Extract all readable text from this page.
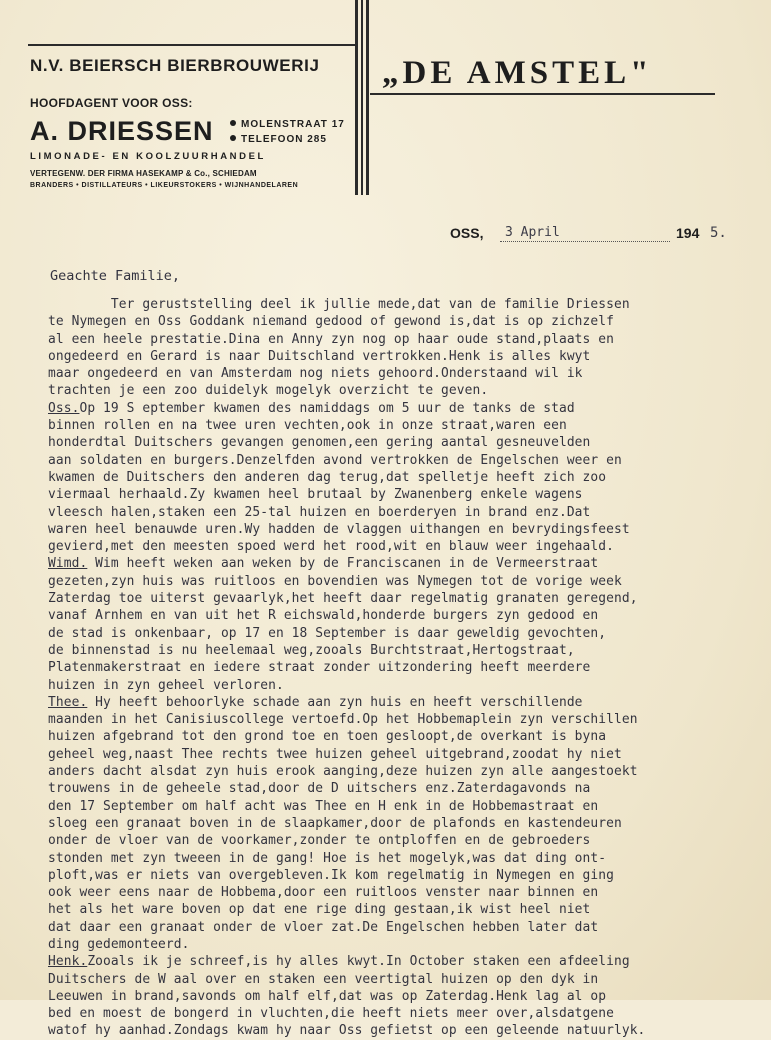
N.V. BEIERSCH BIERBROUWERIJ „DE AMSTEL"
HOOFDAGENT VOOR OSS:
A. DRIESSEN	MOLENSTRAAT 17
TELEFOON 285
LIMONADE- EN KOOLZUURHANDEL
VERTEGENW. DER FIRMA HASEKAMP & Co., SCHIEDAM
BRANDERS • DISTILLATEURS • LIKEURSTOKERS • WIJNHANDELAREN
OSS, 3 April	194 5.
Geachte Familie,
Ter geruststelling deel ik jullie mede,dat van de familie Driessen
te Nymegen en Oss Goddank niemand gedood of gewond is,dat is op zichzelf
al een heele prestatie.Dina en Anny zyn nog op haar oude stand,plaats en
ongedeerd en Gerard is naar Duitschland vertrokken.Henk is alles kwyt
maar ongedeerd en van Amsterdam nog niets gehoord.Onderstaand wil ik
trachten je een zoo duidelyk mogelyk overzicht te geven.
Oss.Op 19 S eptember kwamen des namiddags om 5 uur de tanks de stad
binnen rollen en na twee uren vechten,ook in onze straat,waren een
honderdtal Duitschers gevangen genomen,een gering aantal gesneuvelden
aan soldaten en burgers.Denzelfden avond vertrokken de Engelschen weer en
kwamen de Duitschers den anderen dag terug,dat spelletje heeft zich zoo
viermaal herhaald.Zy kwamen heel brutaal by Zwanenberg enkele wagens
vleesch halen,staken een 25-tal huizen en boerderyen in brand enz.Dat
waren heel benauwde uren.Wy hadden de vlaggen uithangen en bevrydingsfeest
gevierd,met den meesten spoed werd het rood,wit en blauw weer ingehaald.
Wimd. Wim heeft weken aan weken by de Franciscanen in de Vermeerstraat
gezeten,zyn huis was ruitloos en bovendien was Nymegen tot de vorige week
Zaterdag toe uiterst gevaarlyk,het heeft daar regelmatig granaten geregend,
vanaf Arnhem en van uit het R eichswald,honderde burgers zyn gedood en
de stad is onkenbaar, op 17 en 18 September is daar geweldig gevochten,
de binnenstad is nu heelemaal weg,zooals Burchtstraat,Hertogstraat,
Platenmakerstraat en iedere straat zonder uitzondering heeft meerdere
huizen in zyn geheel verloren.
Thee. Hy heeft behoorlyke schade aan zyn huis en heeft verschillende
maanden in het Canisiuscollege vertoefd.Op het Hobbemaplein zyn verschillen
huizen afgebrand tot den grond toe en toen gesloopt,de overkant is byna
geheel weg,naast Thee rechts twee huizen geheel uitgebrand,zoodat hy niet
anders dacht alsdat zyn huis erook aanging,deze huizen zyn alle aangestoekt
trouwens in de geheele stad,door de D uitschers enz.Zaterdagavonds na
den 17 September om half acht was Thee en H enk in de Hobbemastraat en
sloeg een granaat boven in de slaapkamer,door de plafonds en kastendeuren
onder de vloer van de voorkamer,zonder te ontploffen en de gebroeders
stonden met zyn tweeen in de gang! Hoe is het mogelyk,was dat ding ont-
ploft,was er niets van overgebleven.Ik kom regelmatig in Nymegen en ging
ook weer eens naar de Hobbema,door een ruitloos venster naar binnen en
het als het ware boven op dat ene rige ding gestaan,ik wist heel niet
dat daar een granaat onder de vloer zat.De Engelschen hebben later dat
ding gedemonteerd.
Henk.Zooals ik je schreef,is hy alles kwyt.In October staken een afdeeling
Duitschers de W aal over en staken een veertigtal huizen op den dyk in
Leeuwen in brand,savonds om half elf,dat was op Zaterdag.Henk lag al op
bed en moest de bongerd in vluchten,die heeft niets meer over,alsdatgene
watof hy aanhad.Zondags kwam hy naar Oss gefietst op een geleende natuurlyk.
